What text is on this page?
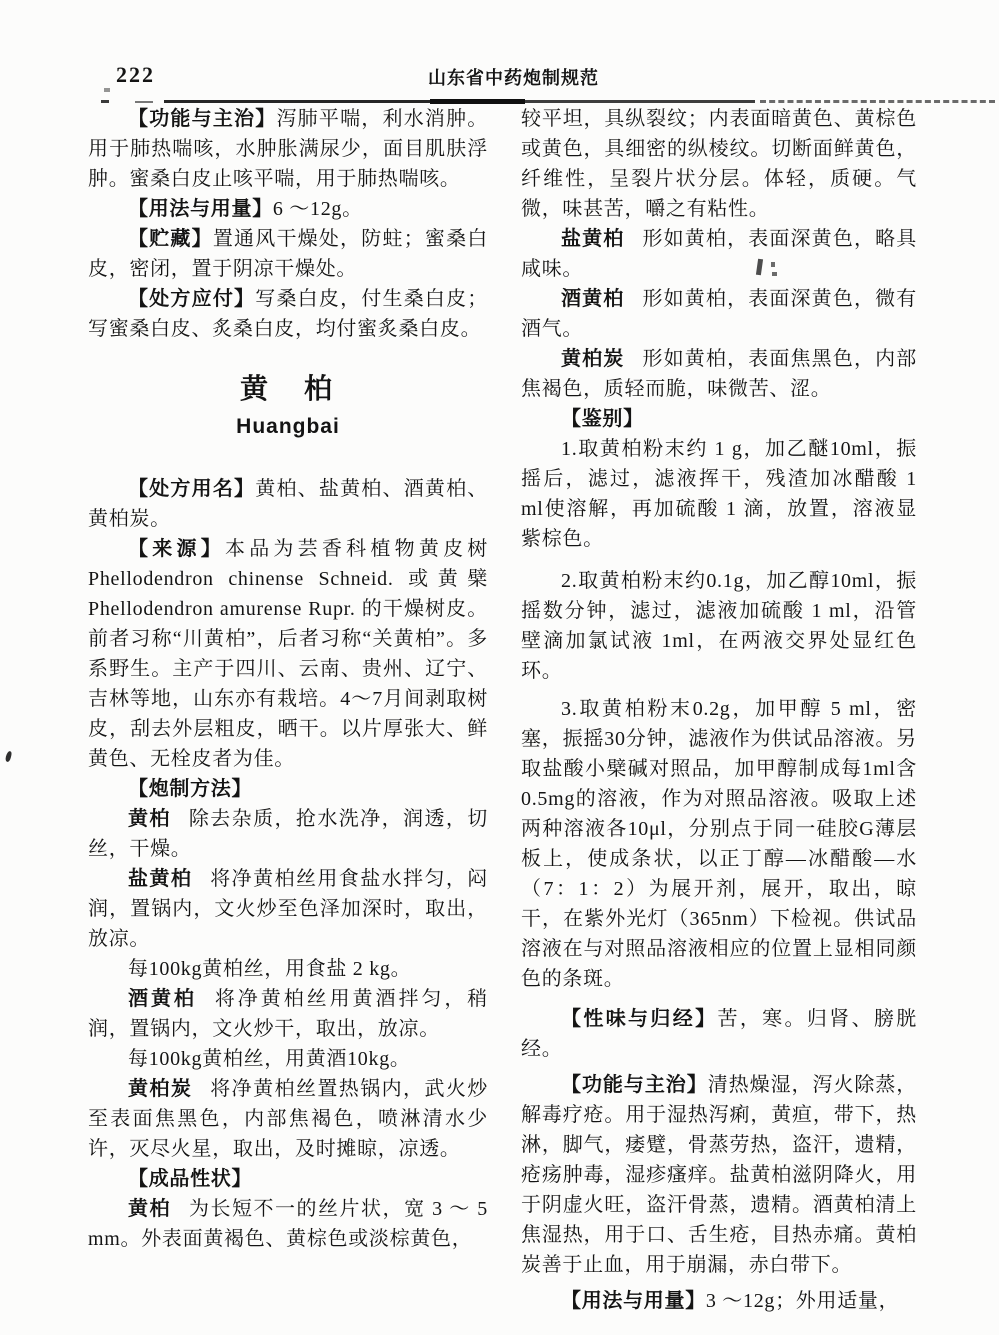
222	山东省中药炮制规范

【功能与主治】泻肺平喘，利水消肿。用于肺热喘咳，水肿胀满尿少，面目肌肤浮肿。蜜桑白皮止咳平喘，用于肺热喘咳。

【用法与用量】6 ～12g。

【贮藏】置通风干燥处，防蛀；蜜桑白皮，密闭，置于阴凉干燥处。

【处方应付】写桑白皮，付生桑白皮；写蜜桑白皮、炙桑白皮，均付蜜炙桑白皮。

黄　柏
Huangbai

【处方用名】黄柏、盐黄柏、酒黄柏、黄柏炭。

【来源】本品为芸香科植物黄皮树 Phellodendron chinense Schneid. 或黄檗 Phellodendron amurense Rupr. 的干燥树皮。前者习称“川黄柏”，后者习称“关黄柏”。多系野生。主产于四川、云南、贵州、辽宁、吉林等地，山东亦有栽培。4～7月间剥取树皮，刮去外层粗皮，晒干。以片厚张大、鲜黄色、无栓皮者为佳。

【炮制方法】

黄柏 除去杂质，抢水洗净，润透，切丝，干燥。

盐黄柏 将净黄柏丝用食盐水拌匀，闷润，置锅内，文火炒至色泽加深时，取出，放凉。

每100kg黄柏丝，用食盐 2 kg。

酒黄柏 将净黄柏丝用黄酒拌匀，稍润，置锅内，文火炒干，取出，放凉。

每100kg黄柏丝，用黄酒10kg。

黄柏炭 将净黄柏丝置热锅内，武火炒至表面焦黑色，内部焦褐色，喷淋清水少许，灭尽火星，取出，及时摊晾，凉透。

【成品性状】

黄柏 为长短不一的丝片状，宽 3 ～ 5 mm。外表面黄褐色、黄棕色或淡棕黄色，

较平坦，具纵裂纹；内表面暗黄色、黄棕色或黄色，具细密的纵棱纹。切断面鲜黄色，纤维性，呈裂片状分层。体轻，质硬。气微，味甚苦，嚼之有粘性。

盐黄柏 形如黄柏，表面深黄色，略具咸味。

酒黄柏 形如黄柏，表面深黄色，微有酒气。

黄柏炭 形如黄柏，表面焦黑色，内部焦褐色，质轻而脆，味微苦、涩。

【鉴别】

1.取黄柏粉末约 1 g，加乙醚10ml，振摇后，滤过，滤液挥干，残渣加冰醋酸 1 ml使溶解，再加硫酸 1 滴，放置，溶液显紫棕色。

2.取黄柏粉末约0.1g，加乙醇10ml，振摇数分钟，滤过，滤液加硫酸 1 ml，沿管壁滴加氯试液 1ml，在两液交界处显红色环。

3.取黄柏粉末0.2g，加甲醇 5 ml，密塞，振摇30分钟，滤液作为供试品溶液。另取盐酸小檗碱对照品，加甲醇制成每1ml含0.5mg的溶液，作为对照品溶液。吸取上述两种溶液各10μl，分别点于同一硅胶G薄层板上，使成条状，以正丁醇—冰醋酸—水（7：1：2）为展开剂，展开，取出，晾干，在紫外光灯（365nm）下检视。供试品溶液在与对照品溶液相应的位置上显相同颜色的条斑。

【性味与归经】苦，寒。归肾、膀胱经。

【功能与主治】清热燥湿，泻火除蒸，解毒疗疮。用于湿热泻痢，黄疸，带下，热淋，脚气，痿躄，骨蒸劳热，盗汗，遗精，疮疡肿毒，湿疹瘙痒。盐黄柏滋阴降火，用于阴虚火旺，盗汗骨蒸，遗精。酒黄柏清上焦湿热，用于口、舌生疮，目热赤痛。黄柏炭善于止血，用于崩漏，赤白带下。

【用法与用量】3 ～12g；外用适量，
